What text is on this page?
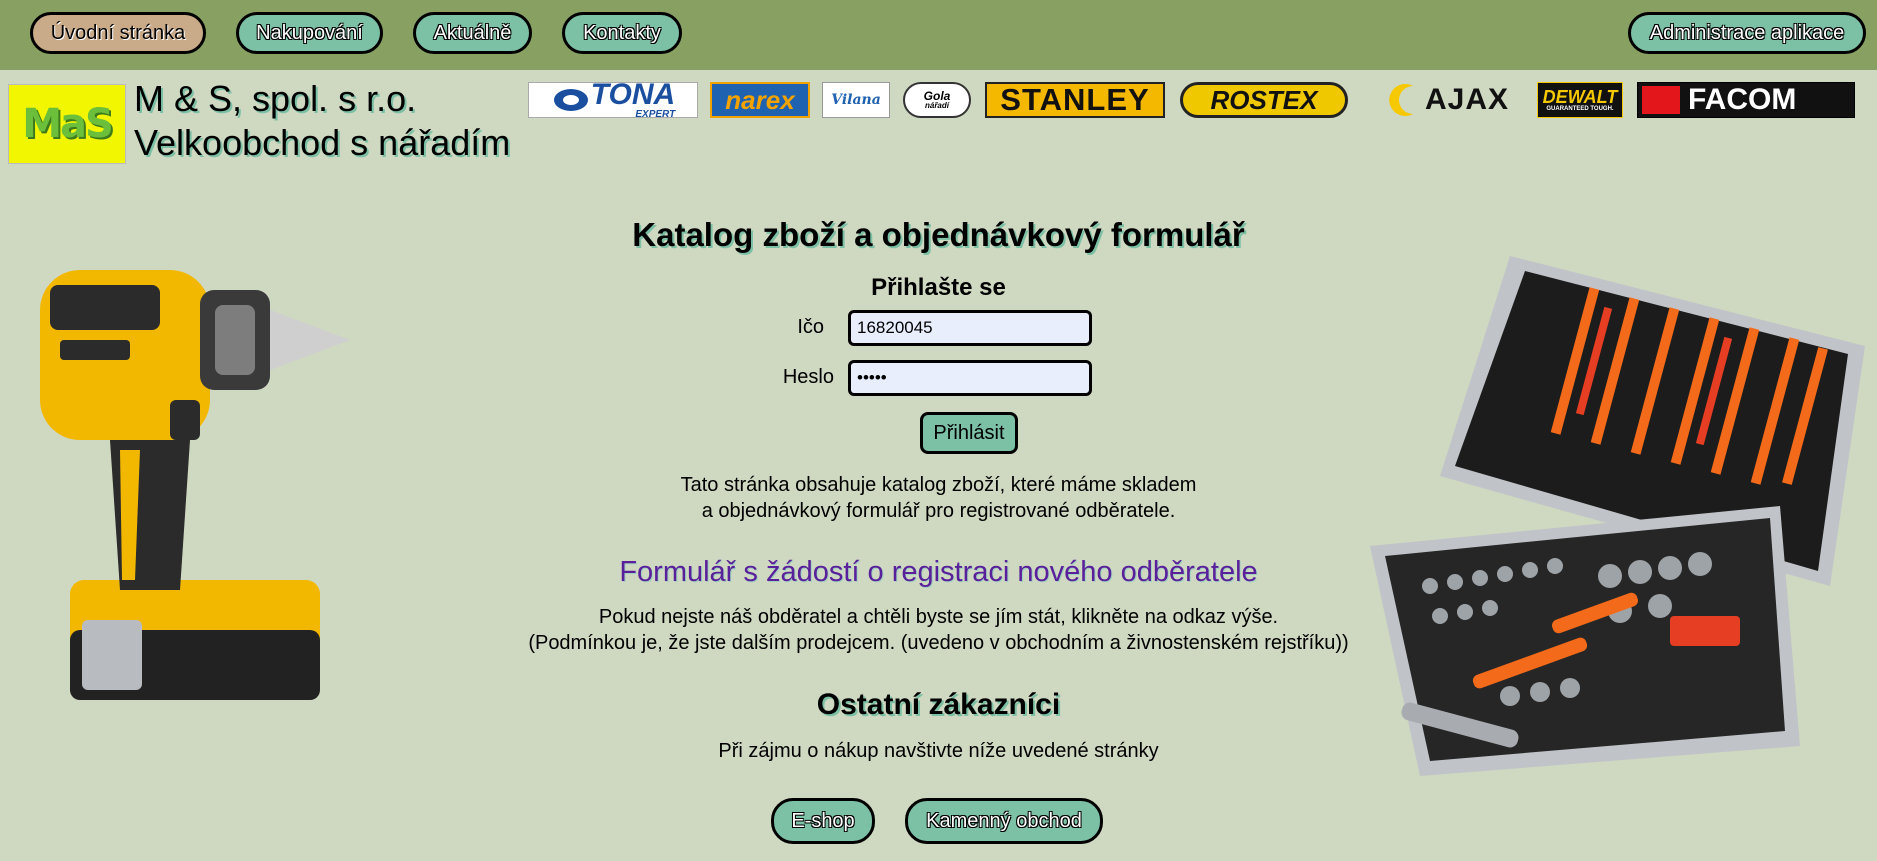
Úvodní stránka	Nakupování	Aktuálně	Kontakty	Administrace aplikace
MaS
M & S, spol. s r.o.
Velkoobchod s nářadím
TONA
EXPERT narex	Vilana	Gola
nářadí STANLEY ROSTEX	AJAX DEWALT
GUARANTEED TOUGH. FACOM
Katalog zboží a objednávkový formulář
Přihlašte se
Ičo
16820045
Heslo
•••••
Přihlásit
Tato stránka obsahuje katalog zboží, které máme skladem
a objednávkový formulář pro registrované odběratele.
Formulář s žádostí o registraci nového odběratele
Pokud nejste náš obděratel a chtěli byste se jím stát, klikněte na odkaz výše.
(Podmínkou je, že jste dalším prodejcem. (uvedeno v obchodním a živnostenském rejstříku))
Ostatní zákazníci
Při zájmu o nákup navštivte níže uvedené stránky
E-shop	Kamenný obchod
